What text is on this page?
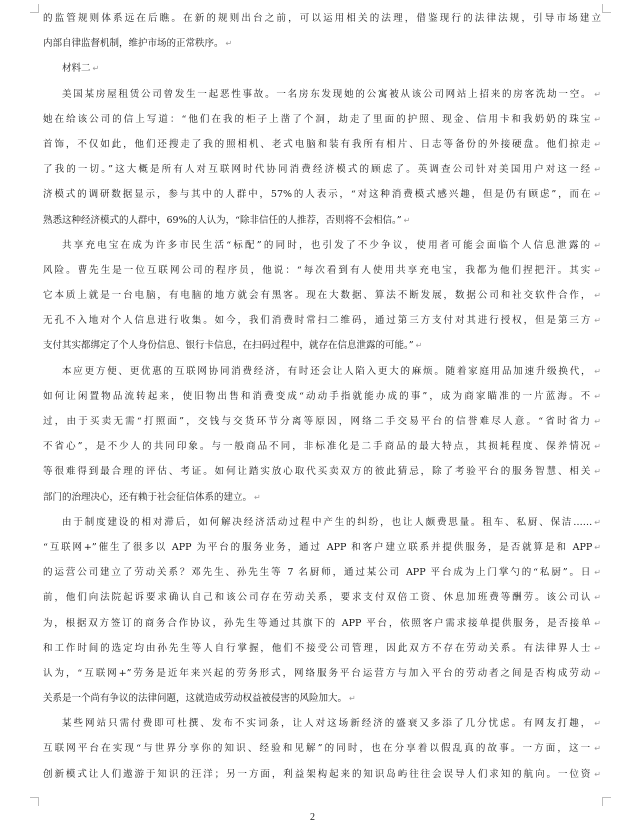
的监管规则体系远在后瞧。在新的规则出台之前，可以运用相关的法理，借鉴现行的法律法规，引导市场建立
内部自律监督机制，维护市场的正常秩序。 ↵
材料二 ↵
美国某房屋租赁公司曾发生一起恶性事故。一名房东发现她的公寓被从该公司网站上招来的房客洗劫一空。 ↵
她在给该公司的信上写道：“他们在我的柜子上凿了个洞，劫走了里面的护照、现金、信用卡和我奶奶的珠宝 ↵
首饰，不仅如此，他们还搜走了我的照相机、老式电脑和装有我所有相片、日志等备份的外接硬盘。他们掠走 ↵
了我的一切。”这大概是所有人对互联网时代协同消费经济模式的顾虑了。英调查公司针对美国用户对这一经 ↵
济模式的调研数据显示，参与其中的人群中，57%的人表示，“对这种消费模式感兴趣，但是仍有顾虑”，而在 ↵
熟悉这种经济模式的人群中，69%的人认为，“除非信任的人推荐，否则将不会相信。” ↵
共享充电宝在成为许多市民生活“标配”的同时，也引发了不少争议，使用者可能会面临个人信息泄露的 ↵
风险。曹先生是一位互联网公司的程序员，他说：“每次看到有人使用共享充电宝，我都为他们捏把汗。其实 ↵
它本质上就是一台电脑，有电脑的地方就会有黑客。现在大数据、算法不断发展，数据公司和社交软件合作， ↵
无孔不入地对个人信息进行收集。如今，我们消费时常扫二维码，通过第三方支付对其进行授权，但是第三方 ↵
支付其实都绑定了个人身份信息、银行卡信息，在扫码过程中，就存在信息泄露的可能。” ↵
本应更方便、更优惠的互联网协同消费经济，有时还会让人陷入更大的麻烦。随着家庭用品加速升级换代， ↵
如何让闲置物品流转起来，使旧物出售和消费变成“动动手指就能办成的事”，成为商家瞄准的一片蓝海。不 ↵
过，由于买卖无需“打照面”，交钱与交货环节分离等原因，网络二手交易平台的信誉难尽人意。“省时省力 ↵
不省心”，是不少人的共同印象。与一般商品不同，非标准化是二手商品的最大特点，其损耗程度、保养情况 ↵
等很难得到最合理的评估、考证。如何让踏实放心取代买卖双方的彼此猜忌，除了考验平台的服务智慧、相关 ↵
部门的治理决心，还有赖于社会征信体系的建立。 ↵
由于制度建设的相对滞后，如何解决经济活动过程中产生的纠纷，也让人颇费思量。租车、私厨、保洁…… ↵
“互联网+”催生了很多以 APP 为平台的服务业务，通过 APP 和客户建立联系并提供服务，是否就算是和 APP ↵
的运营公司建立了劳动关系？邓先生、孙先生等 7 名厨师，通过某公司 APP 平台成为上门掌勺的“私厨”。日 ↵
前，他们向法院起诉要求确认自己和该公司存在劳动关系，要求支付双倍工资、休息加班费等酬劳。该公司认 ↵
为，根据双方签订的商务合作协议，孙先生等通过其旗下的 APP 平台，依照客户需求接单提供服务，是否接单 ↵
和工作时间的选定均由孙先生等人自行掌握，他们不接受公司管理，因此双方不存在劳动关系。有法律界人士 ↵
认为，“互联网+”劳务是近年来兴起的劳务形式，网络服务平台运营方与加入平台的劳动者之间是否构成劳动 ↵
关系是一个尚有争议的法律问题，这就造成劳动权益被侵害的风险加大。 ↵
某些网站只需付费即可杜撰、发布不实词条，让人对这场新经济的盛衰又多添了几分忧虑。有网友打趣， ↵
互联网平台在实现“与世界分享你的知识、经验和见解”的同时，也在分享着以假乱真的故事。一方面，这一 ↵
创新模式让人们遨游于知识的汪洋；另一方面，利益架构起来的知识岛屿往往会误导人们求知的航向。一位资 ↵
2
